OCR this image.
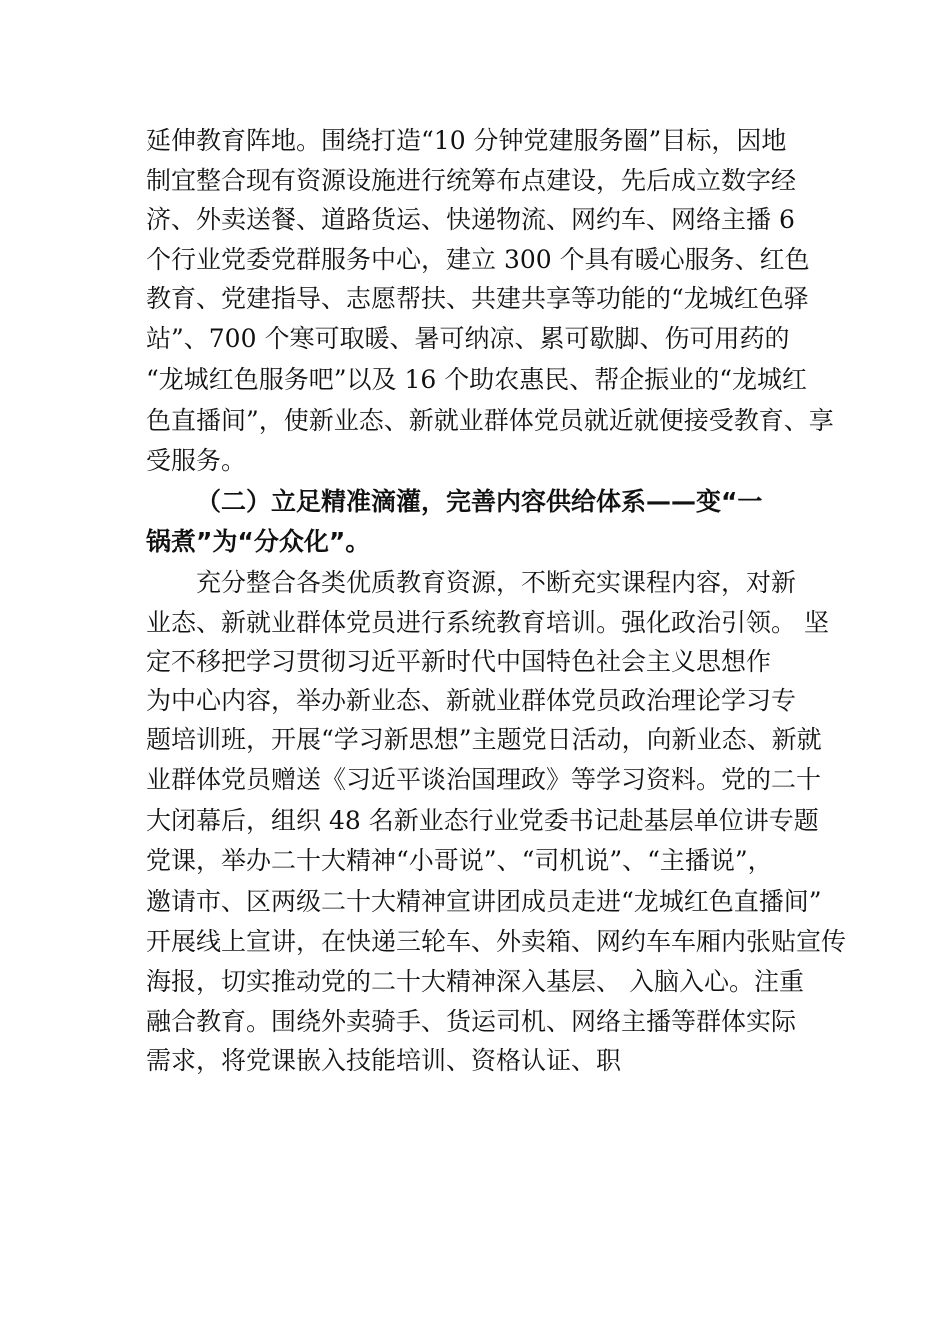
延伸教育阵地。围绕打造“10 分钟党建服务圈”目标，因地
制宜整合现有资源设施进行统筹布点建设，先后成立数字经
济、外卖送餐、道路货运、快递物流、网约车、网络主播 6
个行业党委党群服务中心，建立 300 个具有暖心服务、红色
教育、党建指导、志愿帮扶、共建共享等功能的“龙城红色驿
站”、700 个寒可取暖、暑可纳凉、累可歇脚、伤可用药的
“龙城红色服务吧”以及 16 个助农惠民、帮企振业的“龙城红
色直播间”，使新业态、新就业群体党员就近就便接受教育、享
受服务。
（二）立足精准滴灌，完善内容供给体系——变“一
锅煮”为“分众化”。
充分整合各类优质教育资源，不断充实课程内容，对新
业态、新就业群体党员进行系统教育培训。强化政治引领。 坚
定不移把学习贯彻习近平新时代中国特色社会主义思想作
为中心内容，举办新业态、新就业群体党员政治理论学习专
题培训班，开展“学习新思想”主题党日活动，向新业态、新就
业群体党员赠送《习近平谈治国理政》等学习资料。党的二十
大闭幕后，组织 48 名新业态行业党委书记赴基层单位讲专题
党课，举办二十大精神“小哥说”、“司机说”、“主播说”，
邀请市、区两级二十大精神宣讲团成员走进“龙城红色直播间”
开展线上宣讲，在快递三轮车、外卖箱、网约车车厢内张贴宣传
海报，切实推动党的二十大精神深入基层、 入脑入心。注重
融合教育。围绕外卖骑手、货运司机、网络主播等群体实际
需求，将党课嵌入技能培训、资格认证、职
